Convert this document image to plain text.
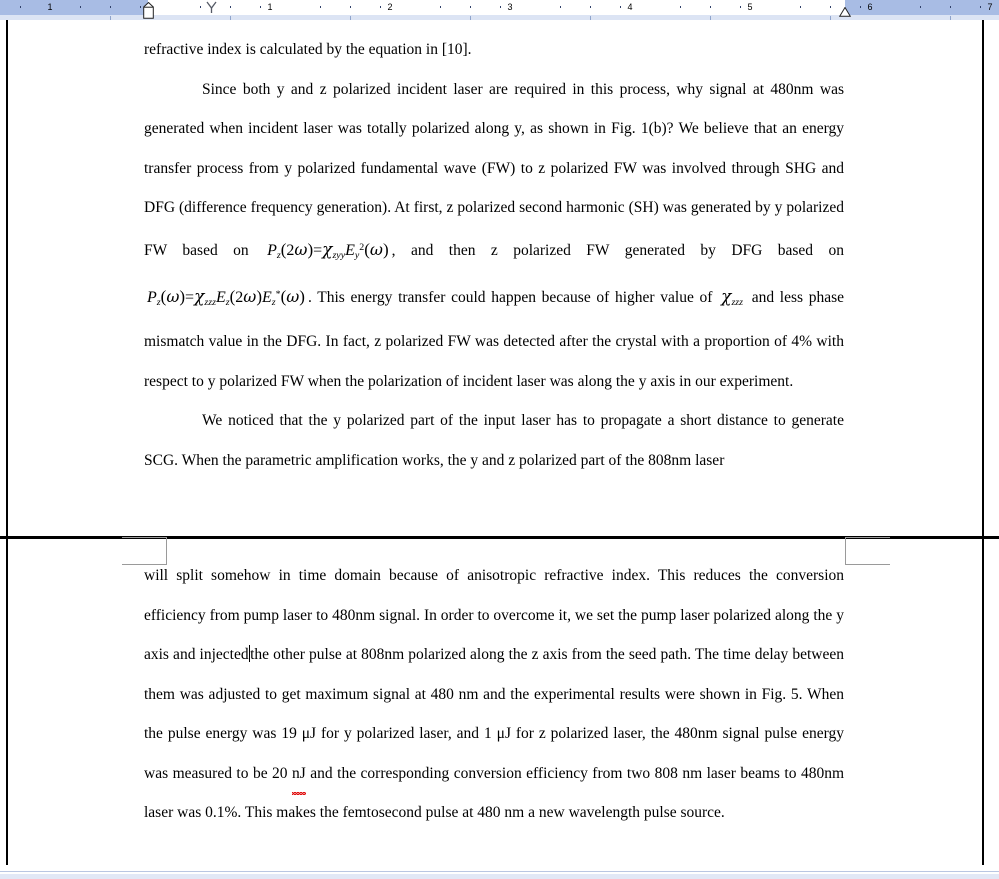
1	1	2	3	4	5	6	7

refractive index is calculated by the equation in [10].

Since both y and z polarized incident laser are required in this process, why signal at 480nm was generated when incident laser was totally polarized along y, as shown in Fig. 1(b)? We believe that an energy transfer process from y polarized fundamental wave (FW) to z polarized FW was involved through SHG and DFG (difference frequency generation). At first, z polarized second harmonic (SH) was generated by y polarized FW based on $P_z(2\omega)=\chi_{zyy}E_y^2(\omega)$ , and then z polarized FW generated by DFG based on $P_z(\omega)=\chi_{zzz}E_z(2\omega)E_z^*(\omega)$ . This energy transfer could happen because of higher value of $\chi_{zzz}$ and less phase mismatch value in the DFG. In fact, z polarized FW was detected after the crystal with a proportion of 4% with respect to y polarized FW when the polarization of incident laser was along the y axis in our experiment.

We noticed that the y polarized part of the input laser has to propagate a short distance to generate SCG. When the parametric amplification works, the y and z polarized part of the 808nm laser

will split somehow in time domain because of anisotropic refractive index. This reduces the conversion efficiency from pump laser to 480nm signal. In order to overcome it, we set the pump laser polarized along the y axis and injectedthe other pulse at 808nm polarized along the z axis from the seed path. The time delay between them was adjusted to get maximum signal at 480 nm and the experimental results were shown in Fig. 5. When the pulse energy was 19 μJ for y polarized laser, and 1 μJ for z polarized laser, the 480nm signal pulse energy was measured to be 20 nJ and the corresponding conversion efficiency from two 808 nm laser beams to 480nm laser was 0.1%. This makes the femtosecond pulse at 480 nm a new wavelength pulse source.
